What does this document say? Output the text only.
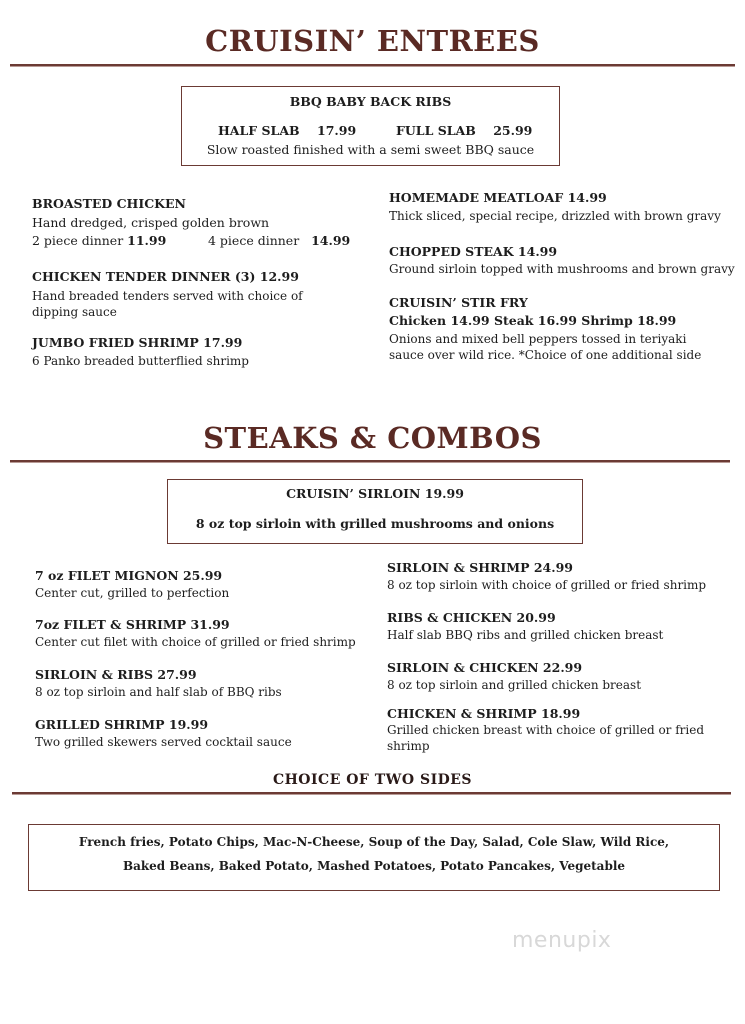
CRUISIN’ ENTREES
BBQ BABY BACK RIBS
HALF SLAB 17.99	FULL SLAB 25.99
Slow roasted finished with a semi sweet BBQ sauce
BROASTED CHICKEN
Hand dredged, crisped golden brown
2 piece dinner 11.99	4 piece dinner 14.99
CHICKEN TENDER DINNER (3) 12.99
Hand breaded tenders served with choice of dipping sauce
JUMBO FRIED SHRIMP 17.99
6 Panko breaded butterflied shrimp
HOMEMADE MEATLOAF 14.99
Thick sliced, special recipe, drizzled with brown gravy
CHOPPED STEAK 14.99
Ground sirloin topped with mushrooms and brown gravy
CRUISIN’ STIR FRY
Chicken 14.99 Steak 16.99 Shrimp 18.99
Onions and mixed bell peppers tossed in teriyaki sauce over wild rice. *Choice of one additional side
STEAKS & COMBOS
CRUISIN’ SIRLOIN 19.99
8 oz top sirloin with grilled mushrooms and onions
7 oz FILET MIGNON 25.99
Center cut, grilled to perfection
7oz FILET & SHRIMP 31.99
Center cut filet with choice of grilled or fried shrimp
SIRLOIN & RIBS 27.99
8 oz top sirloin and half slab of BBQ ribs
GRILLED SHRIMP 19.99
Two grilled skewers served cocktail sauce
SIRLOIN & SHRIMP 24.99
8 oz top sirloin with choice of grilled or fried shrimp
RIBS & CHICKEN 20.99
Half slab BBQ ribs and grilled chicken breast
SIRLOIN & CHICKEN 22.99
8 oz top sirloin and grilled chicken breast
CHICKEN & SHRIMP 18.99
Grilled chicken breast with choice of grilled or fried shrimp
CHOICE OF TWO SIDES
French fries, Potato Chips, Mac-N-Cheese, Soup of the Day, Salad, Cole Slaw, Wild Rice,
Baked Beans, Baked Potato, Mashed Potatoes, Potato Pancakes, Vegetable
menupix
